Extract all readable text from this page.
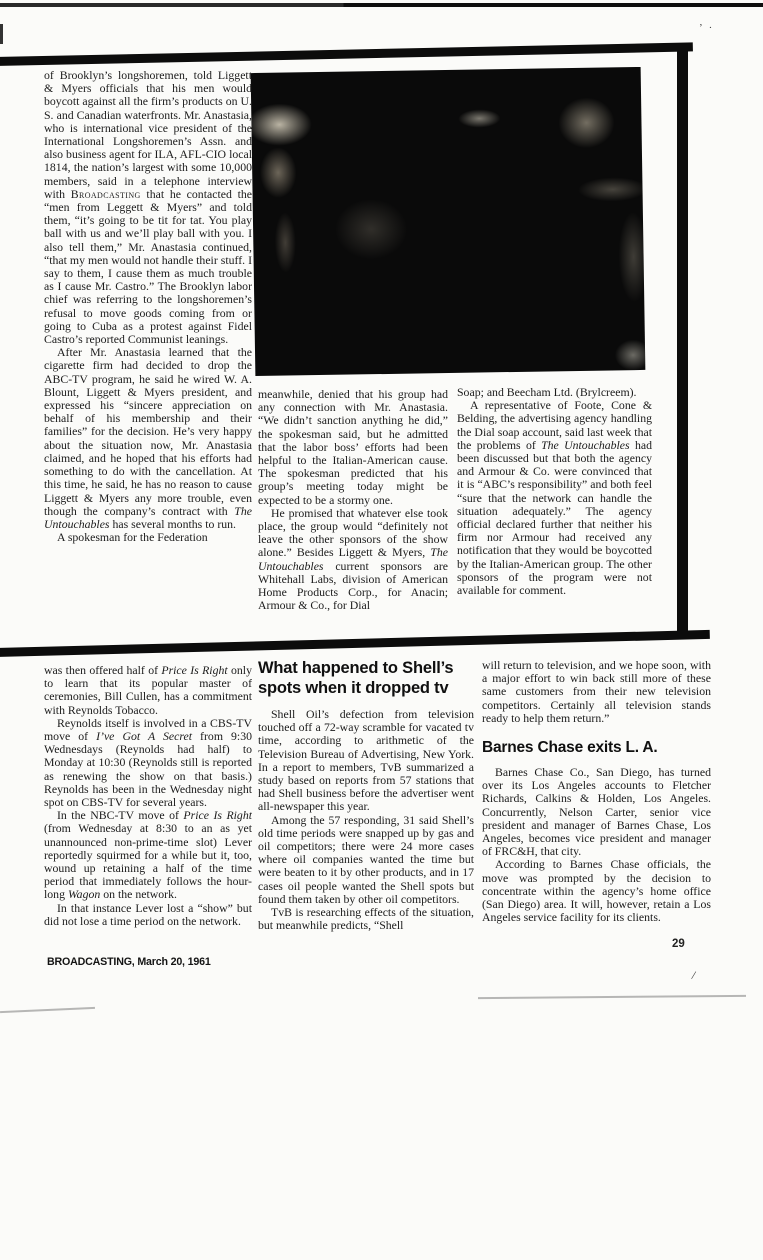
ʼ·

of Brooklyn’s longshoremen, told Liggett & Myers officials that his men would boycott against all the firm’s products on U. S. and Canadian waterfronts. Mr. Anastasia, who is international vice president of the International Longshoremen’s Assn. and also business agent for ILA, AFL-CIO local 1814, the nation’s largest with some 10,000 members, said in a telephone interview with Broadcasting that he contacted the “men from Leggett & Myers” and told them, “it’s going to be tit for tat. You play ball with us and we’ll play ball with you. I also tell them,” Mr. Anastasia continued, “that my men would not handle their stuff. I say to them, I cause them as much trouble as I cause Mr. Castro.” The Brooklyn labor chief was referring to the longshoremen’s refusal to move goods coming from or going to Cuba as a protest against Fidel Castro’s reported Communist leanings.

After Mr. Anastasia learned that the cigarette firm had decided to drop the ABC-TV program, he said he wired W. A. Blount, Liggett & Myers president, and expressed his “sincere appreciation on behalf of his membership and their families” for the decision. He’s very happy about the situation now, Mr. Anastasia claimed, and he hoped that his efforts had something to do with the cancellation. At this time, he said, he has no reason to cause Liggett & Myers any more trouble, even though the company’s contract with The Untouchables has several months to run.

A spokesman for the Federation

meanwhile, denied that his group had any connection with Mr. Anastasia. “We didn’t sanction anything he did,” the spokesman said, but he admitted that the labor boss’ efforts had been helpful to the Italian-American cause. The spokesman predicted that his group’s meeting today might be expected to be a stormy one.

He promised that whatever else took place, the group would “definitely not leave the other sponsors of the show alone.” Besides Liggett & Myers, The Untouchables current sponsors are Whitehall Labs, division of American Home Products Corp., for Anacin; Armour & Co., for Dial

Soap; and Beecham Ltd. (Brylcreem).

A representative of Foote, Cone & Belding, the advertising agency handling the Dial soap account, said last week that the problems of The Untouchables had been discussed but that both the agency and Armour & Co. were convinced that it is “ABC’s responsibility” and both feel “sure that the network can handle the situation adequately.” The agency official declared further that neither his firm nor Armour had received any notification that they would be boycotted by the Italian-American group. The other sponsors of the program were not available for comment.

was then offered half of Price Is Right only to learn that its popular master of ceremonies, Bill Cullen, has a commitment with Reynolds Tobacco.

Reynolds itself is involved in a CBS-TV move of I’ve Got A Secret from 9:30 Wednesdays (Reynolds had half) to Monday at 10:30 (Reynolds still is reported as renewing the show on that basis.) Reynolds has been in the Wednesday night spot on CBS-TV for several years.

In the NBC-TV move of Price Is Right (from Wednesday at 8:30 to an as yet unannounced non-prime-time slot) Lever reportedly squirmed for a while but it, too, wound up retaining a half of the time period that immediately follows the hour-long Wagon on the network.

In that instance Lever lost a “show” but did not lose a time period on the network.

What happened to Shell’s spots when it dropped tv

Shell Oil’s defection from television touched off a 72-way scramble for vacated tv time, according to arithmetic of the Television Bureau of Advertising, New York. In a report to members, TvB summarized a study based on reports from 57 stations that had Shell business before the advertiser went all-newspaper this year.

Among the 57 responding, 31 said Shell’s old time periods were snapped up by gas and oil competitors; there were 24 more cases where oil companies wanted the time but were beaten to it by other products, and in 17 cases oil people wanted the Shell spots but found them taken by other oil competitors.

TvB is researching effects of the situation, but meanwhile predicts, “Shell

will return to television, and we hope soon, with a major effort to win back still more of these same customers from their new television competitors. Certainly all television stands ready to help them return.”

Barnes Chase exits L. A.

Barnes Chase Co., San Diego, has turned over its Los Angeles accounts to Fletcher Richards, Calkins & Holden, Los Angeles. Concurrently, Nelson Carter, senior vice president and manager of Barnes Chase, Los Angeles, becomes vice president and manager of FRC&H, that city.

According to Barnes Chase officials, the move was prompted by the decision to concentrate within the agency’s home office (San Diego) area. It will, however, retain a Los Angeles service facility for its clients.

BROADCASTING, March 20, 1961
29
/
